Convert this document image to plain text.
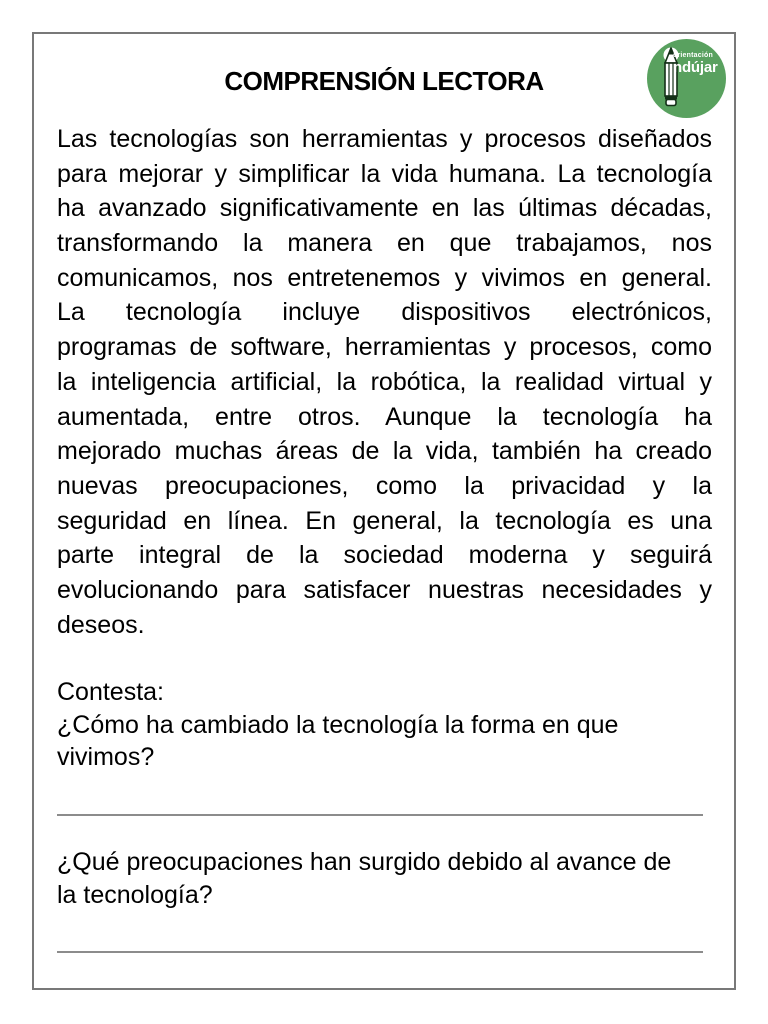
orientación
ndújar
COMPRENSIÓN LECTORA
Las tecnologías son herramientas y procesos diseñados
para mejorar y simplificar la vida humana. La tecnología
ha avanzado significativamente en las últimas décadas,
transformando la manera en que trabajamos, nos
comunicamos, nos entretenemos y vivimos en general.
La tecnología incluye dispositivos electrónicos,
programas de software, herramientas y procesos, como
la inteligencia artificial, la robótica, la realidad virtual y
aumentada, entre otros. Aunque la tecnología ha
mejorado muchas áreas de la vida, también ha creado
nuevas preocupaciones, como la privacidad y la
seguridad en línea. En general, la tecnología es una
parte integral de la sociedad moderna y seguirá
evolucionando para satisfacer nuestras necesidades y
deseos.
Contesta:
¿Cómo ha cambiado la tecnología la forma en que
vivimos?
¿Qué preocupaciones han surgido debido al avance de
la tecnología?
